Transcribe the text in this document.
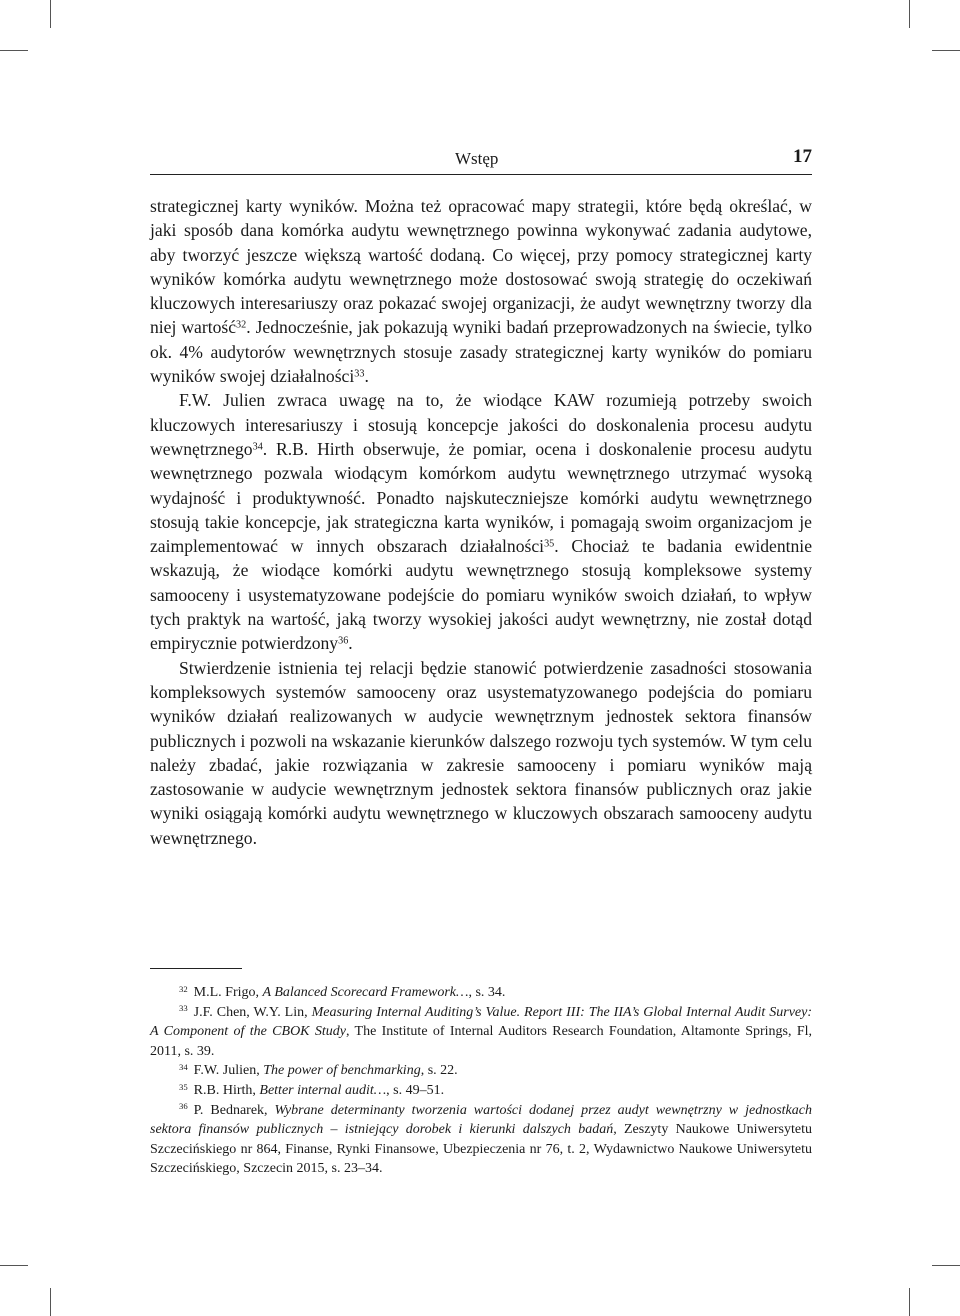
Wstęp	17

strategicznej karty wyników. Można też opracować mapy strategii, które będą określać, w jaki sposób dana komórka audytu wewnętrznego powinna wykonywać zadania audytowe, aby tworzyć jeszcze większą wartość dodaną. Co więcej, przy pomocy strategicznej karty wyników komórka audytu wewnętrznego może dostosować swoją strategię do oczekiwań kluczowych interesariuszy oraz pokazać swojej organizacji, że audyt wewnętrzny tworzy dla niej wartość$^{32}$. Jednocześnie, jak pokazują wyniki badań przeprowadzonych na świecie, tylko ok. 4% audytorów wewnętrznych stosuje zasady strategicznej karty wyników do pomiaru wyników swojej działalności$^{33}$.

F.W. Julien zwraca uwagę na to, że wiodące KAW rozumieją potrzeby swoich kluczowych interesariuszy i stosują koncepcje jakości do doskonalenia procesu audytu wewnętrznego$^{34}$. R.B. Hirth obserwuje, że pomiar, ocena i doskonalenie procesu audytu wewnętrznego pozwala wiodącym komórkom audytu wewnętrznego utrzymać wysoką wydajność i produktywność. Ponadto najskuteczniejsze komórki audytu wewnętrznego stosują takie koncepcje, jak strategiczna karta wyników, i pomagają swoim organizacjom je zaimplementować w innych obszarach działalności$^{35}$. Chociaż te badania ewidentnie wskazują, że wiodące komórki audytu wewnętrznego stosują kompleksowe systemy samooceny i usystematyzowane podejście do pomiaru wyników swoich działań, to wpływ tych praktyk na wartość, jaką tworzy wysokiej jakości audyt wewnętrzny, nie został dotąd empirycznie potwierdzony$^{36}$.

Stwierdzenie istnienia tej relacji będzie stanowić potwierdzenie zasadności stosowania kompleksowych systemów samooceny oraz usystematyzowanego podejścia do pomiaru wyników działań realizowanych w audycie wewnętrznym jednostek sektora finansów publicznych i pozwoli na wskazanie kierunków dalszego rozwoju tych systemów. W tym celu należy zbadać, jakie rozwiązania w zakresie samooceny i pomiaru wyników mają zastosowanie w audycie wewnętrznym jednostek sektora finansów publicznych oraz jakie wyniki osiągają komórki audytu wewnętrznego w kluczowych obszarach samooceny audytu wewnętrznego.

$^{32}$ M.L. Frigo, A Balanced Scorecard Framework…, s. 34.

$^{33}$ J.F. Chen, W.Y. Lin, Measuring Internal Auditing’s Value. Report III: The IIA’s Global Internal Audit Survey: A Component of the CBOK Study, The Institute of Internal Auditors Research Foundation, Altamonte Springs, Fl, 2011, s. 39.

$^{34}$ F.W. Julien, The power of benchmarking, s. 22.

$^{35}$ R.B. Hirth, Better internal audit…, s. 49–51.

$^{36}$ P. Bednarek, Wybrane determinanty tworzenia wartości dodanej przez audyt wewnętrzny w jednostkach sektora finansów publicznych – istniejący dorobek i kierunki dalszych badań, Zeszyty Naukowe Uniwersytetu Szczecińskiego nr 864, Finanse, Rynki Finansowe, Ubezpieczenia nr 76, t. 2, Wydawnictwo Naukowe Uniwersytetu Szczecińskiego, Szczecin 2015, s. 23–34.
